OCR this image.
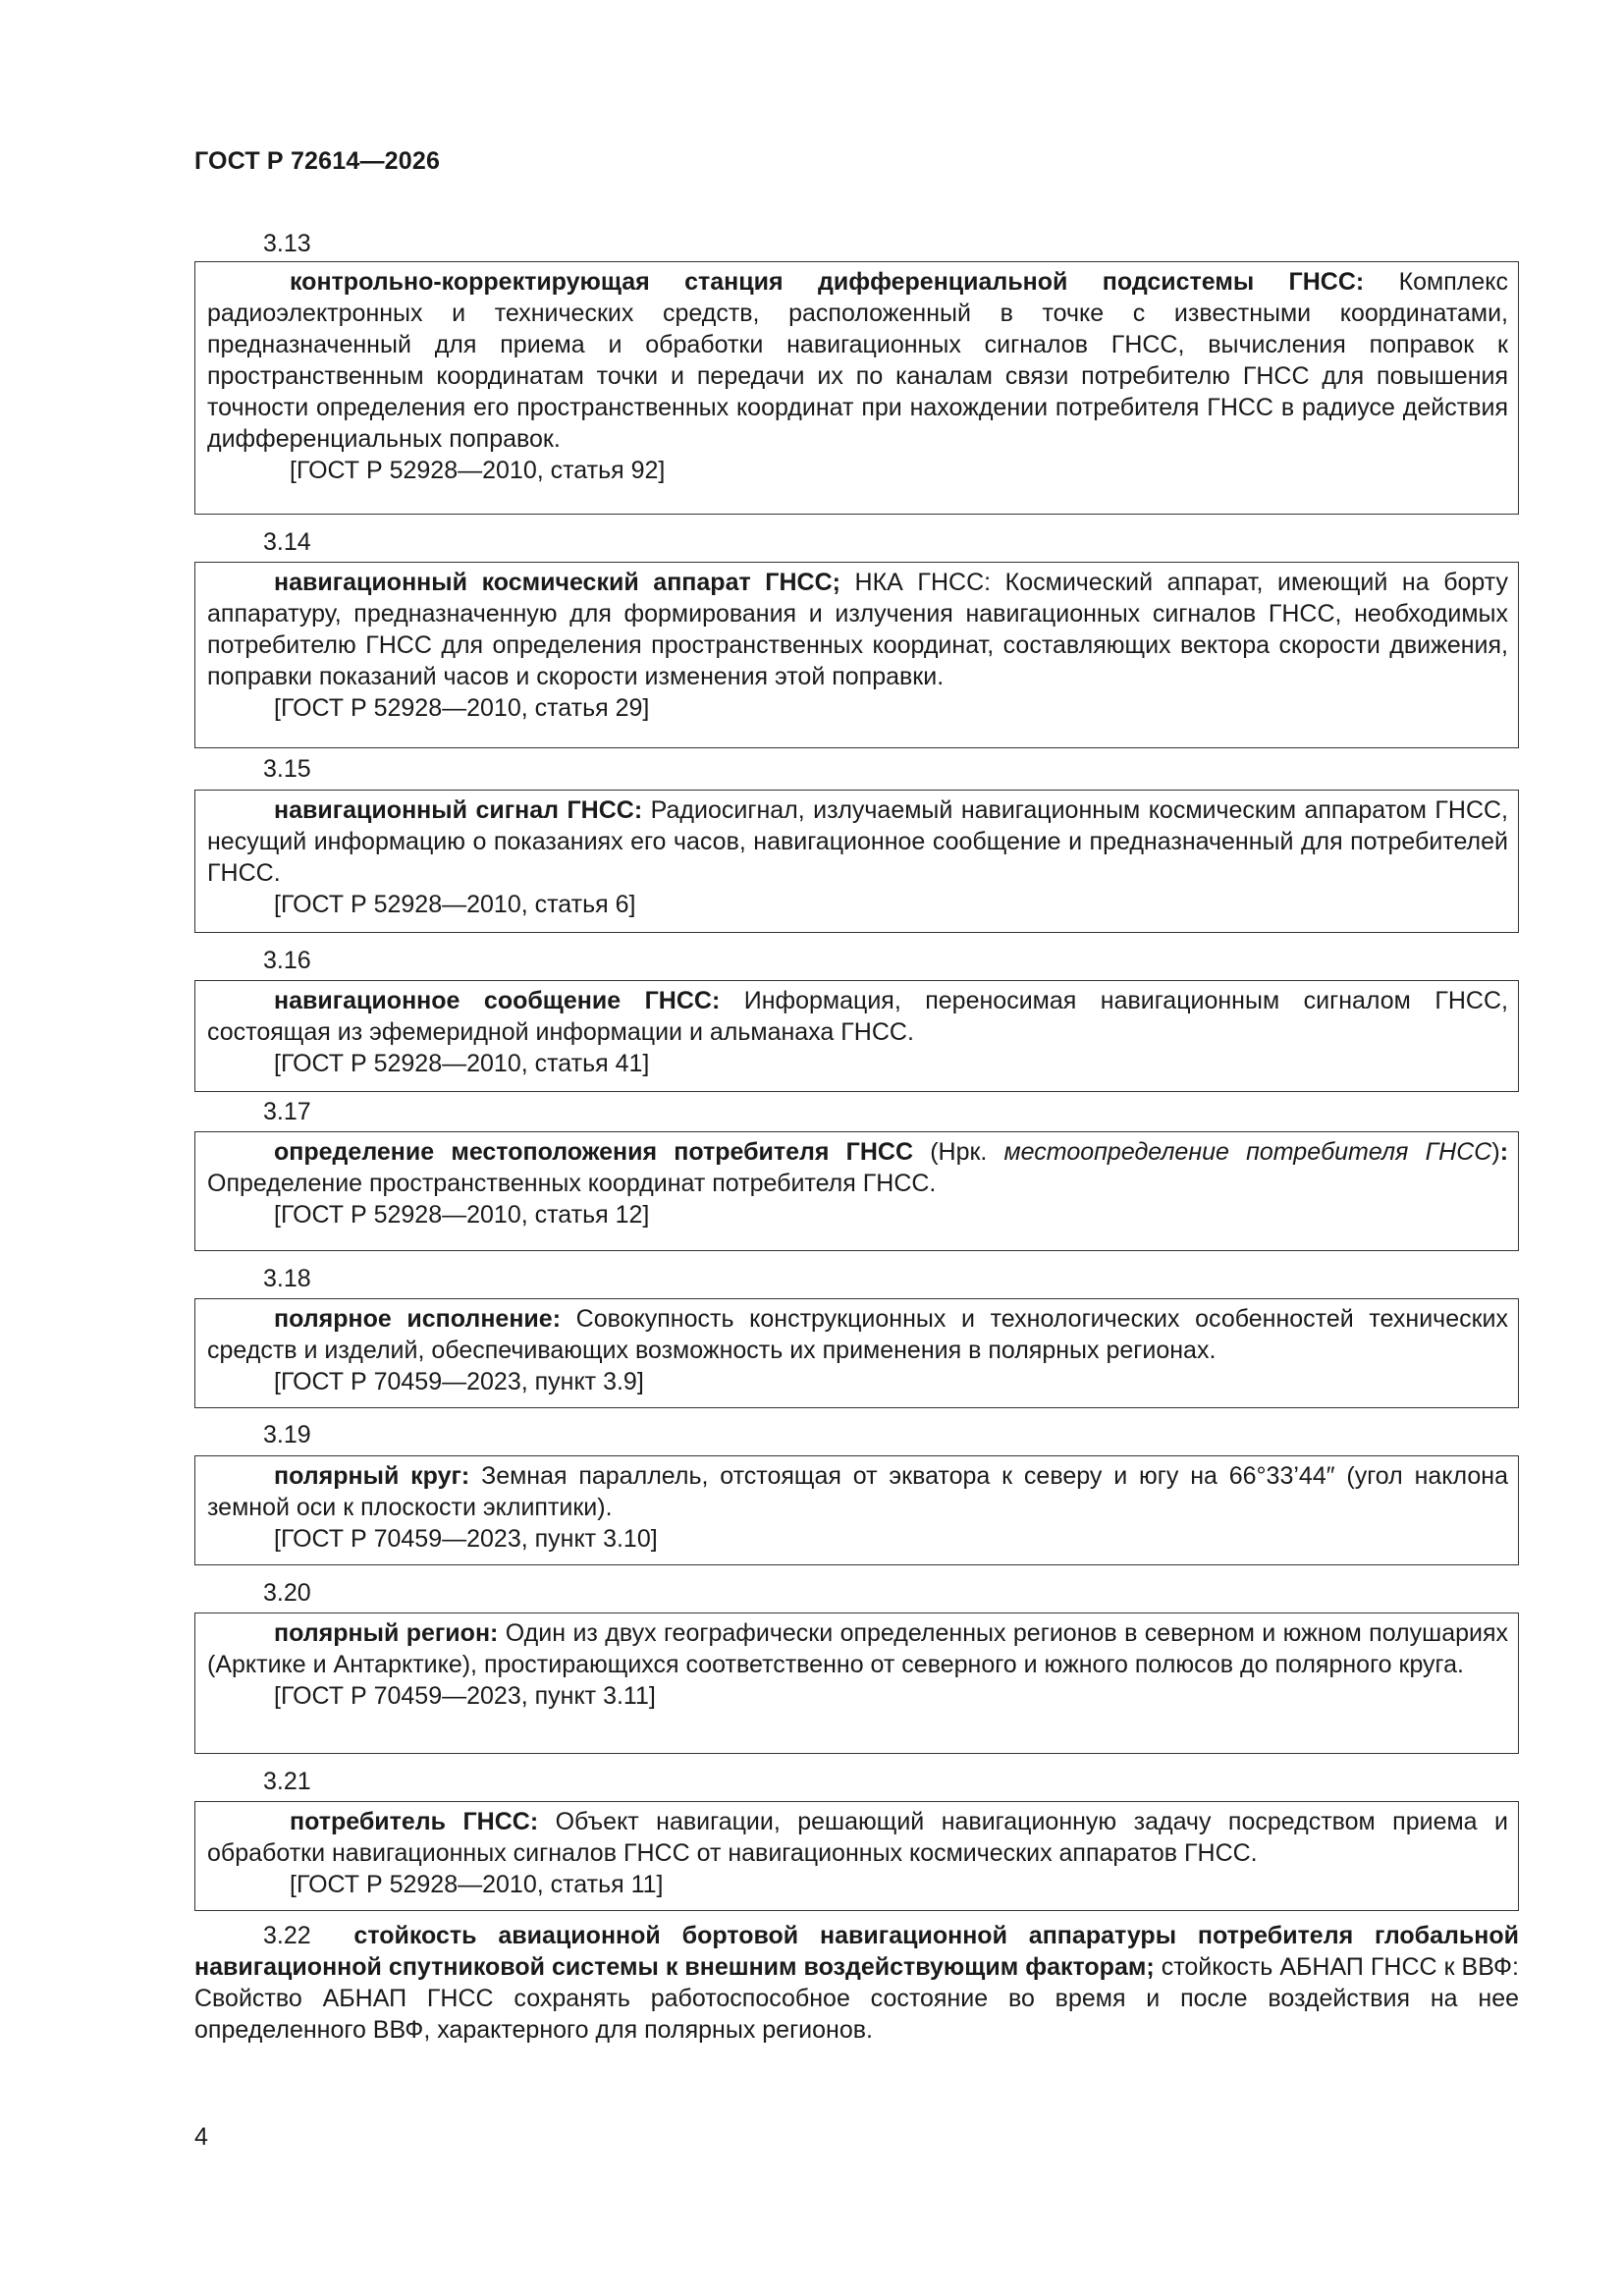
ГОСТ Р 72614—2026
3.13

контрольно-корректирующая станция дифференциальной подсистемы ГНСС: Комплекс радиоэлектронных и технических средств, расположенный в точке с известными координатами, предназначенный для приема и обработки навигационных сигналов ГНСС, вычисления поправок к пространственным координатам точки и передачи их по каналам связи потребителю ГНСС для повышения точности определения его пространственных координат при нахождении потребителя ГНСС в радиусе действия дифференциальных поправок.

[ГОСТ Р 52928—2010, статья 92]

3.14

навигационный космический аппарат ГНСС; НКА ГНСС: Космический аппарат, имеющий на борту аппаратуру, предназначенную для формирования и излучения навигационных сигналов ГНСС, необходимых потребителю ГНСС для определения пространственных координат, составляющих вектора скорости движения, поправки показаний часов и скорости изменения этой поправки.

[ГОСТ Р 52928—2010, статья 29]

3.15

навигационный сигнал ГНСС: Радиосигнал, излучаемый навигационным космическим аппаратом ГНСС, несущий информацию о показаниях его часов, навигационное сообщение и предназначенный для потребителей ГНСС.

[ГОСТ Р 52928—2010, статья 6]

3.16

навигационное сообщение ГНСС: Информация, переносимая навигационным сигналом ГНСС, состоящая из эфемеридной информации и альманаха ГНСС.

[ГОСТ Р 52928—2010, статья 41]

3.17

определение местоположения потребителя ГНСС (Нрк. местоопределение потребителя ГНСС): Определение пространственных координат потребителя ГНСС.

[ГОСТ Р 52928—2010, статья 12]

3.18

полярное исполнение: Совокупность конструкционных и технологических особенностей технических средств и изделий, обеспечивающих возможность их применения в полярных регионах.

[ГОСТ Р 70459—2023, пункт 3.9]

3.19

полярный круг: Земная параллель, отстоящая от экватора к северу и югу на 66°33’44″ (угол наклона земной оси к плоскости эклиптики).

[ГОСТ Р 70459—2023, пункт 3.10]

3.20

полярный регион: Один из двух географически определенных регионов в северном и южном полушариях (Арктике и Антарктике), простирающихся соответственно от северного и южного полюсов до полярного круга.

[ГОСТ Р 70459—2023, пункт 3.11]

3.21

потребитель ГНСС: Объект навигации, решающий навигационную задачу посредством приема и обработки навигационных сигналов ГНСС от навигационных космических аппаратов ГНСС.

[ГОСТ Р 52928—2010, статья 11]

3.22 стойкость авиационной бортовой навигационной аппаратуры потребителя глобальной навигационной спутниковой системы к внешним воздействующим факторам; стойкость АБНАП ГНСС к ВВФ: Свойство АБНАП ГНСС сохранять работоспособное состояние во время и после воздействия на нее определенного ВВФ, характерного для полярных регионов.

4
